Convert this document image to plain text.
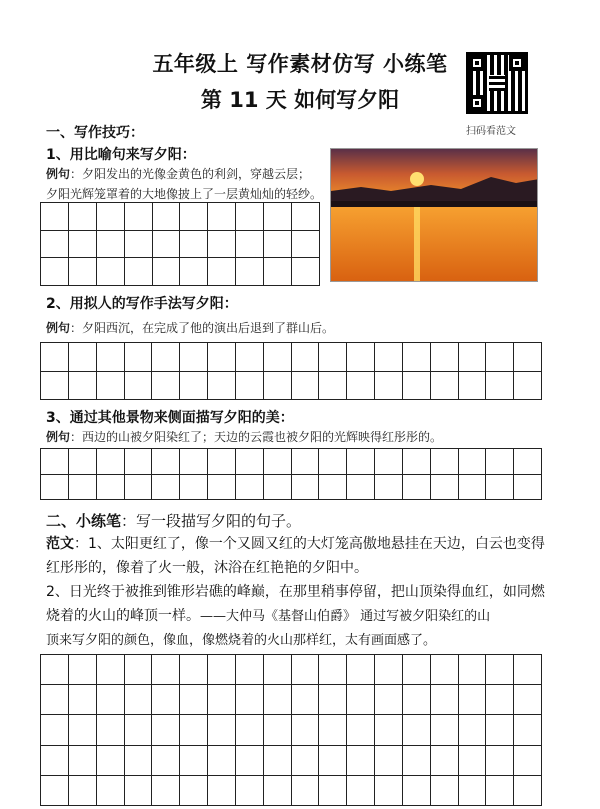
五年级上 写作素材仿写 小练笔
第 11 天 如何写夕阳
扫码看范文
一、写作技巧：
1、用比喻句来写夕阳：
例句：夕阳发出的光像金黄色的利剑，穿越云层；
夕阳光辉笼罩着的大地像披上了一层黄灿灿的轻纱。
2、用拟人的写作手法写夕阳：
例句：夕阳西沉，在完成了他的演出后退到了群山后。
3、通过其他景物来侧面描写夕阳的美：
例句：西边的山被夕阳染红了；天边的云霞也被夕阳的光辉映得红彤彤的。
二、小练笔：写一段描写夕阳的句子。
范文：1、太阳更红了，像一个又圆又红的大灯笼高傲地悬挂在天边，白云也变得
红彤彤的，像着了火一般，沐浴在红艳艳的夕阳中。
2、日光终于被推到锥形岩礁的峰巅，在那里稍事停留，把山顶染得血红，如同燃
烧着的火山的峰顶一样。——大仲马《基督山伯爵》 通过写被夕阳染红的山
顶来写夕阳的颜色，像血，像燃烧着的火山那样红，太有画面感了。
